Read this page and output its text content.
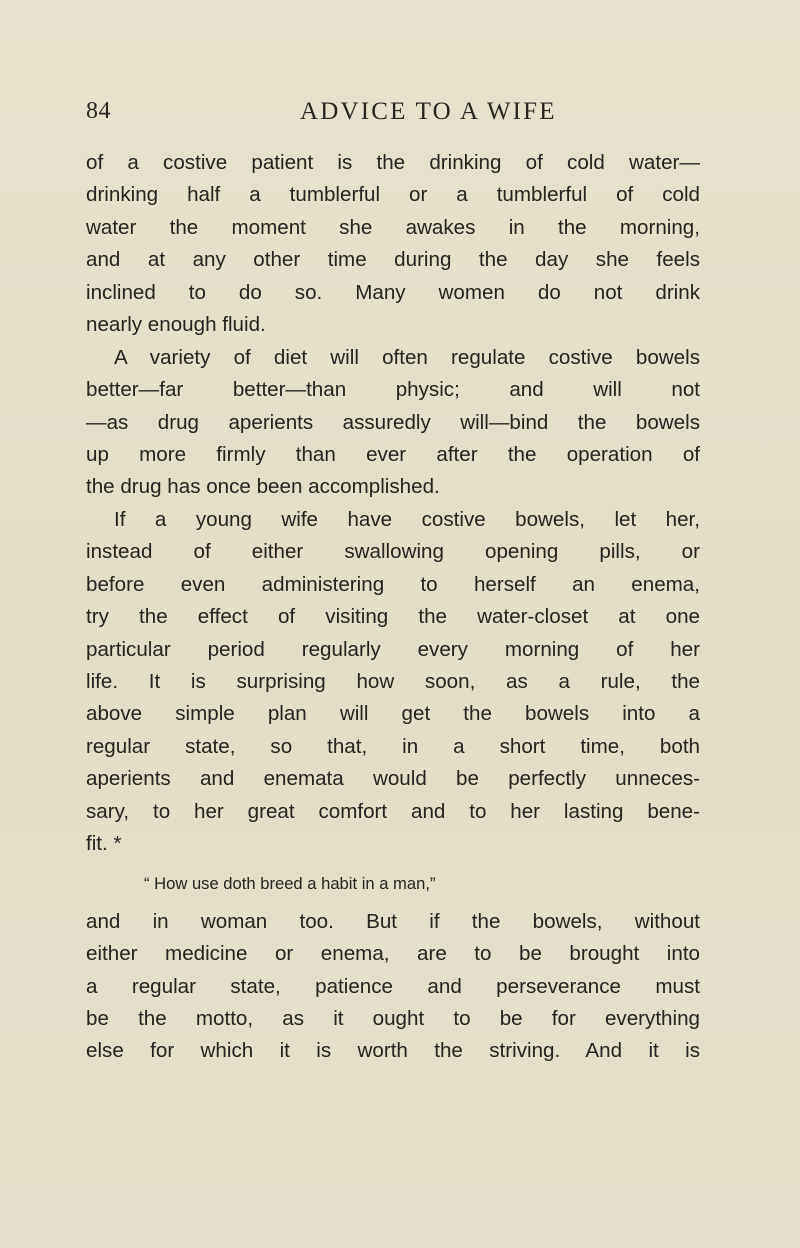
84	ADVICE TO A WIFE
of a costive patient is the drinking of cold water—
drinking half a tumblerful or a tumblerful of cold
water the moment she awakes in the morning,
and at any other time during the day she feels
inclined to do so. Many women do not drink
nearly enough fluid.
A variety of diet will often regulate costive bowels
better—far better—than physic; and will not
—as drug aperients assuredly will—bind the bowels
up more firmly than ever after the operation of
the drug has once been accomplished.
If a young wife have costive bowels, let her,
instead of either swallowing opening pills, or
before even administering to herself an enema,
try the effect of visiting the water-closet at one
particular period regularly every morning of her
life. It is surprising how soon, as a rule, the
above simple plan will get the bowels into a
regular state, so that, in a short time, both
aperients and enemata would be perfectly unneces-
sary, to her great comfort and to her lasting bene-
fit. *
“ How use doth breed a habit in a man,”
and in woman too. But if the bowels, without
either medicine or enema, are to be brought into
a regular state, patience and perseverance must
be the motto, as it ought to be for everything
else for which it is worth the striving. And it is
